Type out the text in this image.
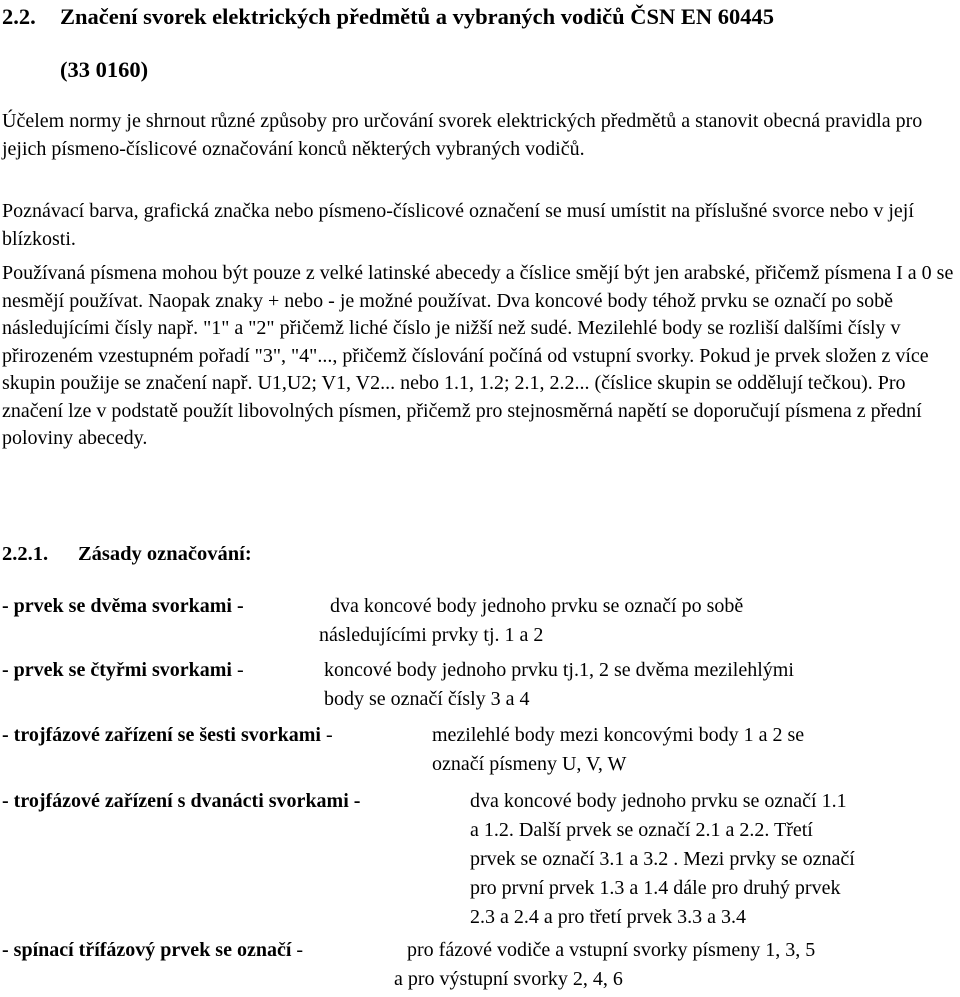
2.2. Značení svorek elektrických předmětů a vybraných vodičů ČSN EN 60445
(33 0160)

Účelem normy je shrnout různé způsoby pro určování svorek elektrických předmětů a stanovit obecná pravidla pro jejich písmeno-číslicové označování konců některých vybraných vodičů.

Poznávací barva, grafická značka nebo písmeno-číslicové označení se musí umístit na příslušné svorce nebo v její blízkosti.

Používaná písmena mohou být pouze z velké latinské abecedy a číslice smějí být jen arabské, přičemž písmena I a 0 se nesmějí používat. Naopak znaky + nebo - je možné používat. Dva koncové body téhož prvku se označí po sobě následujícími čísly např. "1" a "2" přičemž liché číslo je nižší než sudé. Mezilehlé body se rozliší dalšími čísly v přirozeném vzestupném pořadí "3", "4"..., přičemž číslování počíná od vstupní svorky. Pokud je prvek složen z více skupin použije se značení např. U1,U2; V1, V2... nebo 1.1, 1.2; 2.1, 2.2... (číslice skupin se oddělují tečkou). Pro značení lze v podstatě použít libovolných písmen, přičemž pro stejnosměrná napětí se doporučují písmena z přední poloviny abecedy.

2.2.1. Zásady označování:
- prvek se dvěma svorkami -	dva koncové body jednoho prvku se označí po sobě
následujícími prvky tj. 1 a 2
- prvek se čtyřmi svorkami -	koncové body jednoho prvku tj.1, 2 se dvěma mezilehlými
body se označí čísly 3 a 4
- trojfázové zařízení se šesti svorkami -	mezilehlé body mezi koncovými body 1 a 2 se
označí písmeny U, V, W
- trojfázové zařízení s dvanácti svorkami -	dva koncové body jednoho prvku se označí 1.1
a 1.2. Další prvek se označí 2.1 a 2.2. Třetí
prvek se označí 3.1 a 3.2 . Mezi prvky se označí
pro první prvek 1.3 a 1.4 dále pro druhý prvek
2.3 a 2.4 a pro třetí prvek 3.3 a 3.4
- spínací třífázový prvek se označí -	pro fázové vodiče a vstupní svorky písmeny 1, 3, 5
a pro výstupní svorky 2, 4, 6
